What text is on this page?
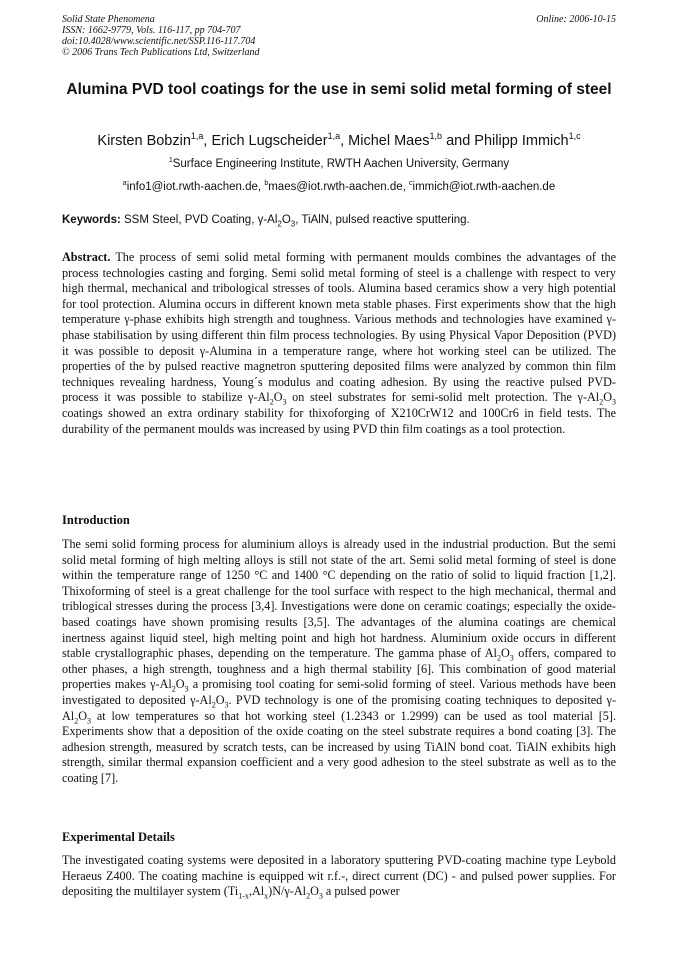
Solid State Phenomena
ISSN: 1662-9779, Vols. 116-117, pp 704-707
doi:10.4028/www.scientific.net/SSP.116-117.704
© 2006 Trans Tech Publications Ltd, Switzerland
Online: 2006-10-15
Alumina PVD tool coatings for the use in semi solid metal forming of steel
Kirsten Bobzin$^{1,a}$, Erich Lugscheider$^{1,a}$, Michel Maes$^{1,b}$ and Philipp Immich$^{1,c}$
$^1$Surface Engineering Institute, RWTH Aachen University, Germany
$^a$info1@iot.rwth-aachen.de, $^b$maes@iot.rwth-aachen.de, $^c$immich@iot.rwth-aachen.de
Keywords: SSM Steel, PVD Coating, $\gamma-Al_2O_3$, TiAlN, pulsed reactive sputtering.
Abstract. The process of semi solid metal forming with permanent moulds combines the advantages of the process technologies casting and forging. Semi solid metal forming of steel is a challenge with respect to very high thermal, mechanical and tribological stresses of tools. Alumina based ceramics show a very high potential for tool protection. Alumina occurs in different known meta stable phases. First experiments show that the high temperature γ-phase exhibits high strength and toughness. Various methods and technologies have examined γ-phase stabilisation by using different thin film process technologies. By using Physical Vapor Deposition (PVD) it was possible to deposit γ-Alumina in a temperature range, where hot working steel can be utilized. The properties of the by pulsed reactive magnetron sputtering deposited films were analyzed by common thin film techniques revealing hardness, Young´s modulus and coating adhesion. By using the reactive pulsed PVD-process it was possible to stabilize $\gamma-Al_2O_3$ on steel substrates for semi-solid melt protection. The $\gamma-Al_2O_3$ coatings showed an extra ordinary stability for thixoforging of X210CrW12 and 100Cr6 in field tests. The durability of the permanent moulds was increased by using PVD thin film coatings as a tool protection.
Introduction
The semi solid forming process for aluminium alloys is already used in the industrial production. But the semi solid metal forming of high melting alloys is still not state of the art. Semi solid metal forming of steel is done within the temperature range of 1250 °C and 1400 °C depending on the ratio of solid to liquid fraction [1,2]. Thixoforming of steel is a great challenge for the tool surface with respect to the high mechanical, thermal and triblogical stresses during the process [3,4]. Investigations were done on ceramic coatings; especially the oxide-based coatings have shown promising results [3,5]. The advantages of the alumina coatings are chemical inertness against liquid steel, high melting point and high hot hardness. Aluminium oxide occurs in different stable crystallographic phases, depending on the temperature. The gamma phase of $Al_2O_3$ offers, compared to other phases, a high strength, toughness and a high thermal stability [6]. This combination of good material properties makes $\gamma-Al_2O_3$ a promising tool coating for semi-solid forming of steel. Various methods have been investigated to deposited $\gamma-Al_2O_3$. PVD technology is one of the promising coating techniques to deposited $\gamma-Al_2O_3$ at low temperatures so that hot working steel (1.2343 or 1.2999) can be used as tool material [5]. Experiments show that a deposition of the oxide coating on the steel substrate requires a bond coating [3]. The adhesion strength, measured by scratch tests, can be increased by using TiAlN bond coat. TiAlN exhibits high strength, similar thermal expansion coefficient and a very good adhesion to the steel substrate as well as to the coating [7].
Experimental Details
The investigated coating systems were deposited in a laboratory sputtering PVD-coating machine type Leybold Heraeus Z400. The coating machine is equipped wit r.f.-, direct current (DC) - and pulsed power supplies. For depositing the multilayer system $(Ti_{1-x},Al_x)N/\gamma-Al_2O_3$ a pulsed power
